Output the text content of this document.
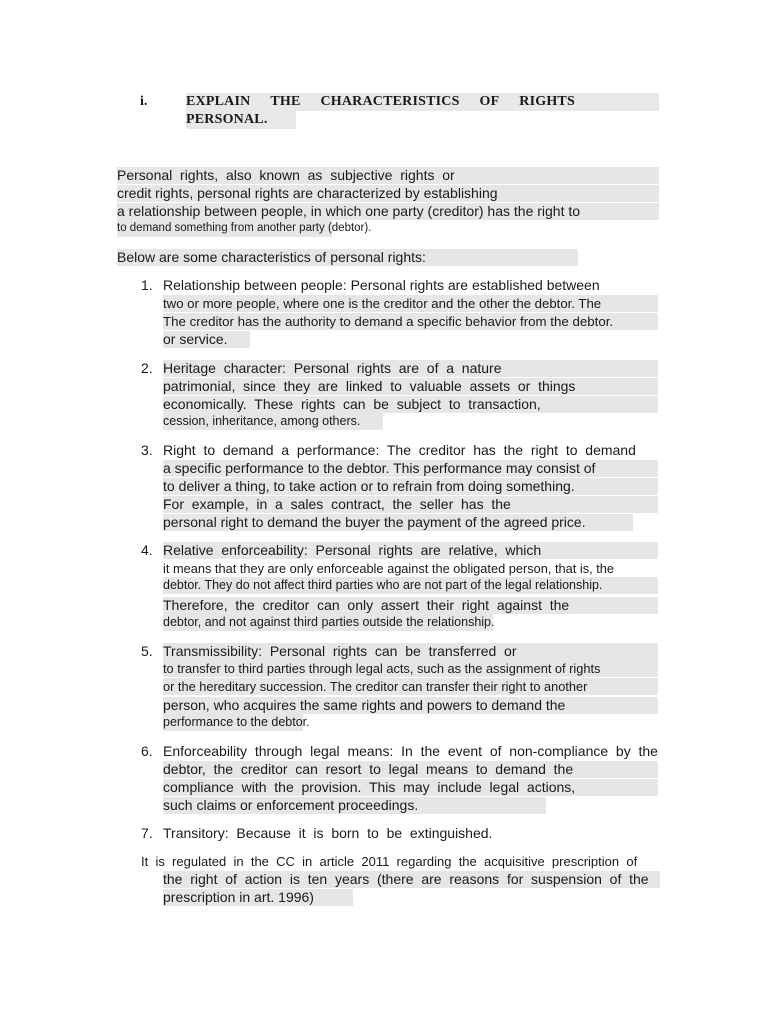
i.	EXPLAIN THE CHARACTERISTICS OF RIGHTS
PERSONAL.
Personal  rights,  also  known  as  subjective  rights  or
credit rights, personal rights are characterized by establishing
a relationship between people, in which one party (creditor) has the right to
to demand something from another party (debtor).
Below are some characteristics of personal rights:
1. Relationship between people: Personal rights are established between
two or more people, where one is the creditor and the other the debtor. The
The creditor has the authority to demand a specific behavior from the debtor.
or service.
2. Heritage  character:  Personal  rights  are  of  a  nature
patrimonial,  since  they  are  linked  to  valuable  assets  or  things
economically.  These  rights  can  be  subject  to  transaction,
cession, inheritance, among others.
3. Right  to  demand  a  performance:  The  creditor  has  the  right  to  demand
a specific performance to the debtor. This performance may consist of
to deliver a thing, to take action or to refrain from doing something.
For  example,  in  a  sales  contract,  the  seller  has  the
personal right to demand the buyer the payment of the agreed price.
4. Relative  enforceability:  Personal  rights  are  relative,  which
it means that they are only enforceable against the obligated person, that is, the
debtor. They do not affect third parties who are not part of the legal relationship.
Therefore,  the  creditor  can  only  assert  their  right  against  the
debtor, and not against third parties outside the relationship.
5. Transmissibility:  Personal  rights  can  be  transferred  or
to transfer to third parties through legal acts, such as the assignment of rights
or the hereditary succession. The creditor can transfer their right to another
person, who acquires the same rights and powers to demand the
performance to the debtor.
6. Enforceability  through  legal  means:  In  the  event  of  non-compliance  by  the
debtor,  the  creditor  can  resort  to  legal  means  to  demand  the
compliance  with  the  provision.  This  may  include  legal  actions,
such claims or enforcement proceedings.
7. Transitory:  Because  it  is  born  to  be  extinguished.
It  is  regulated  in  the  CC  in  article  2011  regarding  the  acquisitive  prescription  of
the  right  of  action  is  ten  years  (there  are  reasons  for  suspension  of  the
prescription in art. 1996)
